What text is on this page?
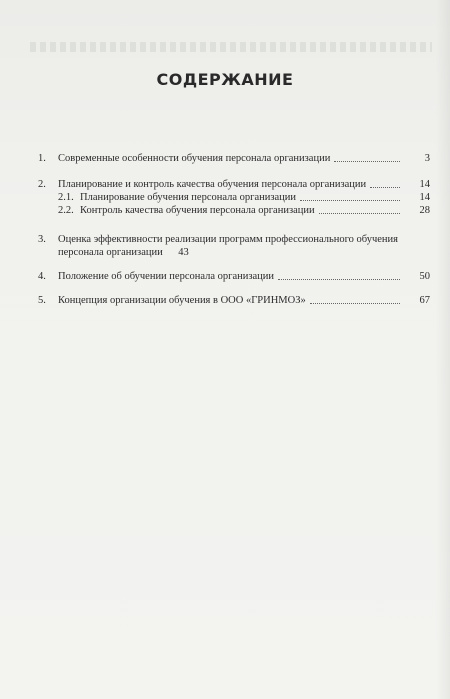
СОДЕРЖАНИЕ
1.	Современные особенности обучения персонала организации	3
2.	Планирование и контроль качества обучения персонала организации	14
2.1. Планирование обучения персонала организации	14
2.2. Контроль качества обучения персонала организации	28
3.	Оценка эффективности реализации программ профессионального обучения
персонала организации	43
4.	Положение об обучении персонала организации	50
5.	Концепция организации обучения в ООО «ГРИНМОЗ»	67
